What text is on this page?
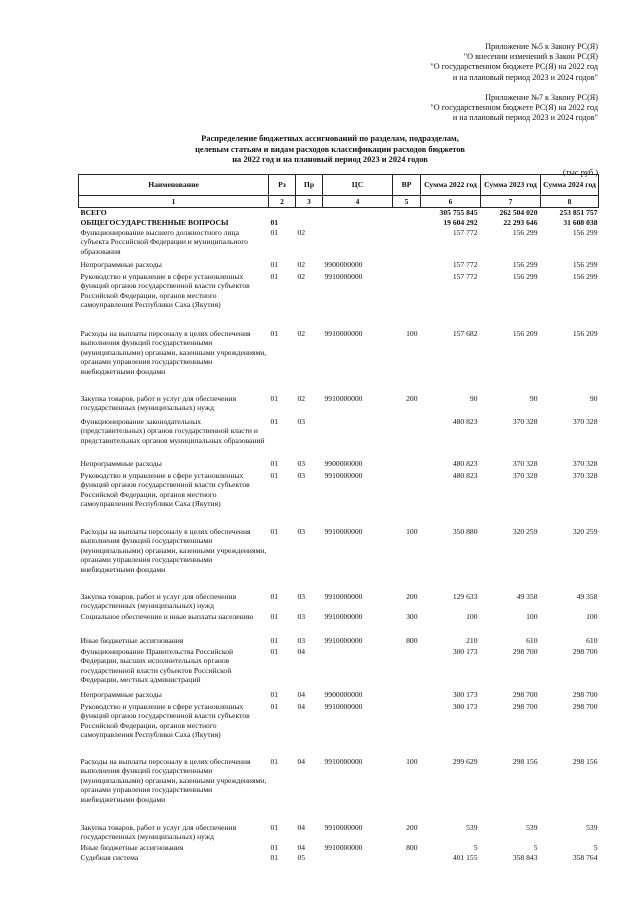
Приложение №5 к Закону РС(Я)
"О внесении изменений в Закон РС(Я)
"О государственном бюджете РС(Я) на 2022 год
и на плановый период 2023 и 2024 годов"
Приложение №7 к Закону РС(Я)
"О государственном бюджете РС(Я) на 2022 год
и на плановый период 2023 и 2024 годов"
Распределение бюджетных ассигнований по разделам, подразделам,
целевым статьям и видам расходов классификации расходов бюджетов
на 2022 год и на плановый период 2023 и 2024 годов
(тыс.руб.)
Наименование	Рз	Пр	ЦС	ВР	Сумма 2022 год	Сумма 2023 год	Сумма 2024 год
1	2	3	4	5	6	7	8
ВСЕГО					305 755 845	262 504 020	253 851 757
ОБЩЕГОСУДАРСТВЕННЫЕ ВОПРОСЫ	01				19 604 292	22 293 646	31 608 038
Функционирование высшего должностного лица субъекта Российской Федерации и муниципального образования	01	02			157 772	156 299	156 299
Непрограммные расходы	01	02	9900000000		157 772	156 299	156 299
Руководство и управление в сфере установленных функций органов государственной власти субъектов Российской Федерации, органов местного самоуправления Республики Саха (Якутия)	01	02	9910000000		157 772	156 299	156 299
Расходы на выплаты персоналу в целях обеспечения выполнения функций государственными (муниципальными) органами, казенными учреждениями, органами управления государственными внебюджетными фондами	01	02	9910000000	100	157 682	156 209	156 209
Закупка товаров, работ и услуг для обеспечения государственных (муниципальных) нужд	01	02	9910000000	200	90	90	90
Функционирование законодательных (представительных) органов государственной власти и представительных органов муниципальных образований	01	03			480 823	370 328	370 328
Непрограммные расходы	01	03	9900000000		480 823	370 328	370 328
Руководство и управление в сфере установленных функций органов государственной власти субъектов Российской Федерации, органов местного самоуправления Республики Саха (Якутия)	01	03	9910000000		480 823	370 328	370 328
Расходы на выплаты персоналу в целях обеспечения выполнения функций государственными (муниципальными) органами, казенными учреждениями, органами управления государственными внебюджетными фондами	01	03	9910000000	100	350 880	320 259	320 259
Закупка товаров, работ и услуг для обеспечения государственных (муниципальных) нужд	01	03	9910000000	200	129 633	49 358	49 358
Социальное обеспечение и иные выплаты населению	01	03	9910000000	300	100	100	100
Иные бюджетные ассигнования	01	03	9910000000	800	210	610	610
Функционирование Правительства Российской Федерации, высших исполнительных органов государственной власти субъектов Российской Федерации, местных администраций	01	04			300 173	298 700	298 700
Непрограммные расходы	01	04	9900000000		300 173	298 700	298 700
Руководство и управление в сфере установленных функций органов государственной власти субъектов Российской Федерации, органов местного самоуправления Республики Саха (Якутия)	01	04	9910000000		300 173	298 700	298 700
Расходы на выплаты персоналу в целях обеспечения выполнения функций государственными (муниципальными) органами, казенными учреждениями, органами управления государственными внебюджетными фондами	01	04	9910000000	100	299 629	298 156	298 156
Закупка товаров, работ и услуг для обеспечения государственных (муниципальных) нужд	01	04	9910000000	200	539	539	539
Иные бюджетные ассигнования	01	04	9910000000	800	5	5	5
Судебная система	01	05			401 155	358 843	358 764
